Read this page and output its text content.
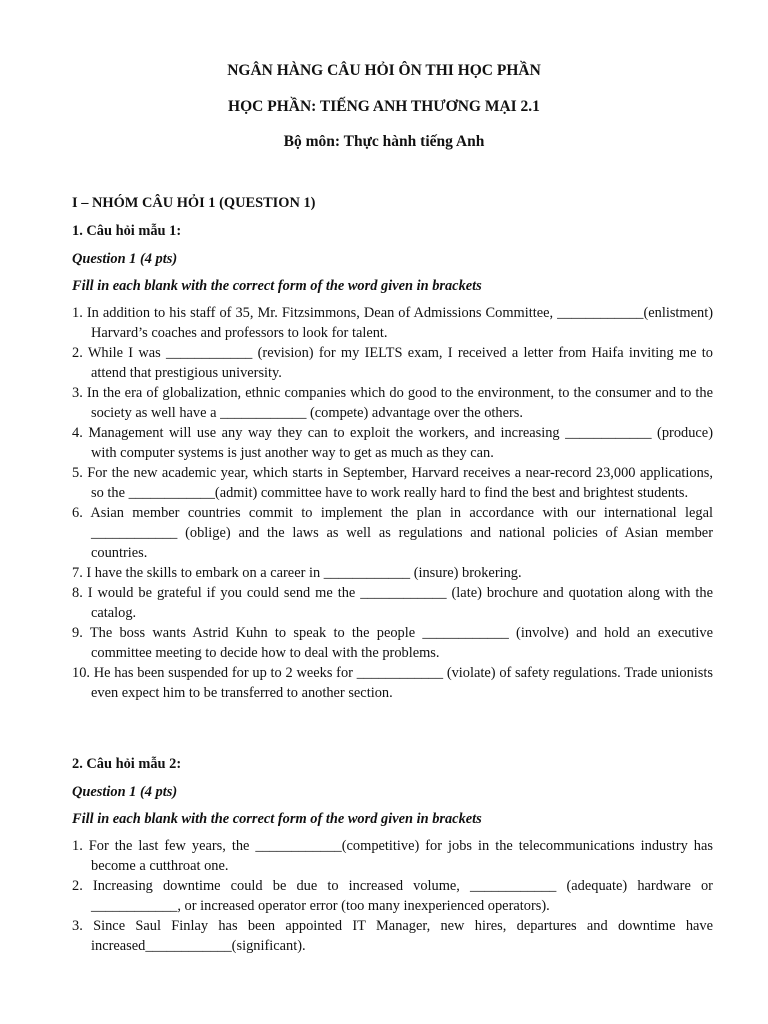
NGÂN HÀNG CÂU HỎI ÔN THI HỌC PHẦN
HỌC PHẦN: TIẾNG ANH THƯƠNG MẠI 2.1
Bộ môn: Thực hành tiếng Anh

I – NHÓM CÂU HỎI 1 (QUESTION 1)

1. Câu hỏi mẫu 1:

Question 1 (4 pts)

Fill in each blank with the correct form of the word given in brackets

1. In addition to his staff of 35, Mr. Fitzsimmons, Dean of Admissions Committee, ____________(enlistment) Harvard’s coaches and professors to look for talent.
2. While I was ____________ (revision) for my IELTS exam, I received a letter from Haifa inviting me to attend that prestigious university.
3. In the era of globalization, ethnic companies which do good to the environment, to the consumer and to the society as well have a ____________ (compete) advantage over the others.
4. Management will use any way they can to exploit the workers, and increasing ____________ (produce) with computer systems is just another way to get as much as they can.
5. For the new academic year, which starts in September, Harvard receives a near-record 23,000 applications, so the ____________(admit) committee have to work really hard to find the best and brightest students.
6. Asian member countries commit to implement the plan in accordance with our international legal ____________ (oblige) and the laws as well as regulations and national policies of Asian member countries.
7. I have the skills to embark on a career in ____________ (insure) brokering.
8. I would be grateful if you could send me the ____________ (late) brochure and quotation along with the catalog.
9. The boss wants Astrid Kuhn to speak to the people ____________ (involve) and hold an executive committee meeting to decide how to deal with the problems.
10. He has been suspended for up to 2 weeks for ____________ (violate) of safety regulations. Trade unionists even expect him to be transferred to another section.

2. Câu hỏi mẫu 2:

Question 1 (4 pts)

Fill in each blank with the correct form of the word given in brackets

1. For the last few years, the ____________(competitive) for jobs in the telecommunications industry has become a cutthroat one.
2. Increasing downtime could be due to increased volume, ____________ (adequate) hardware or ____________, or increased operator error (too many inexperienced operators).
3. Since Saul Finlay has been appointed IT Manager, new hires, departures and downtime have increased____________(significant).
